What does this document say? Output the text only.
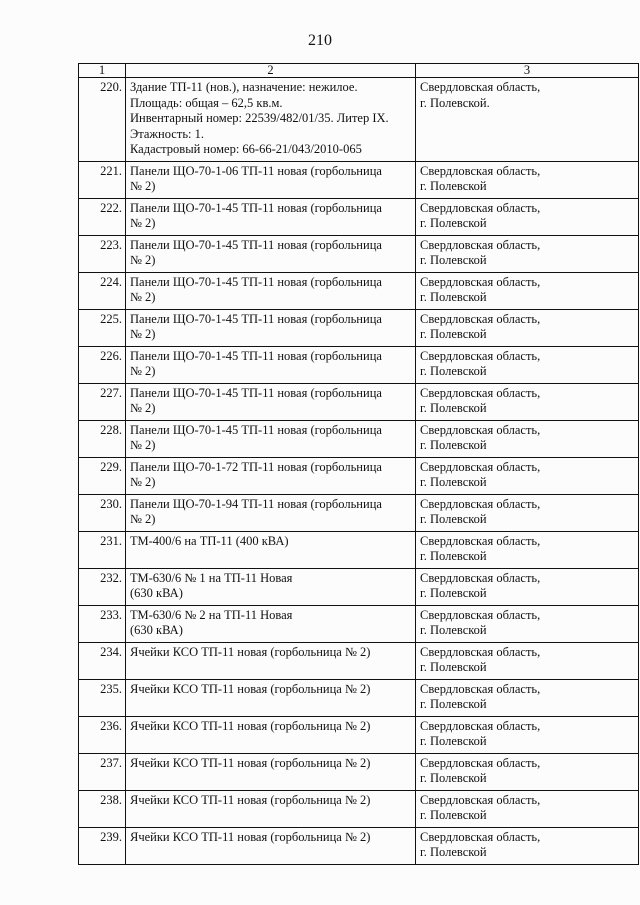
210
1	2	3
220.	Здание ТП-11 (нов.), назначение: нежилое.
Площадь: общая – 62,5 кв.м.
Инвентарный номер: 22539/482/01/35. Литер IX.
Этажность: 1.
Кадастровый номер: 66-66-21/043/2010-065	Свердловская область,
г. Полевской.

221.	Панели ЩО-70-1-06 ТП-11 новая (горбольница
№ 2)	Свердловская область,
г. Полевской

222.	Панели ЩО-70-1-45 ТП-11 новая (горбольница
№ 2)	Свердловская область,
г. Полевской

223.	Панели ЩО-70-1-45 ТП-11 новая (горбольница
№ 2)	Свердловская область,
г. Полевской

224.	Панели ЩО-70-1-45 ТП-11 новая (горбольница
№ 2)	Свердловская область,
г. Полевской

225.	Панели ЩО-70-1-45 ТП-11 новая (горбольница
№ 2)	Свердловская область,
г. Полевской

226.	Панели ЩО-70-1-45 ТП-11 новая (горбольница
№ 2)	Свердловская область,
г. Полевской

227.	Панели ЩО-70-1-45 ТП-11 новая (горбольница
№ 2)	Свердловская область,
г. Полевской

228.	Панели ЩО-70-1-45 ТП-11 новая (горбольница
№ 2)	Свердловская область,
г. Полевской

229.	Панели ЩО-70-1-72 ТП-11 новая (горбольница
№ 2)	Свердловская область,
г. Полевской

230.	Панели ЩО-70-1-94 ТП-11 новая (горбольница
№ 2)	Свердловская область,
г. Полевской

231.	ТМ-400/6 на ТП-11 (400 кВА)	Свердловская область,
г. Полевской

232.	ТМ-630/6 № 1 на ТП-11 Новая
(630 кВА)	Свердловская область,
г. Полевской

233.	ТМ-630/6 № 2 на ТП-11 Новая
(630 кВА)	Свердловская область,
г. Полевской

234.	Ячейки КСО ТП-11 новая (горбольница № 2)	Свердловская область,
г. Полевской

235.	Ячейки КСО ТП-11 новая (горбольница № 2)	Свердловская область,
г. Полевской

236.	Ячейки КСО ТП-11 новая (горбольница № 2)	Свердловская область,
г. Полевской

237.	Ячейки КСО ТП-11 новая (горбольница № 2)	Свердловская область,
г. Полевской

238.	Ячейки КСО ТП-11 новая (горбольница № 2)	Свердловская область,
г. Полевской

239.	Ячейки КСО ТП-11 новая (горбольница № 2)	Свердловская область,
г. Полевской
